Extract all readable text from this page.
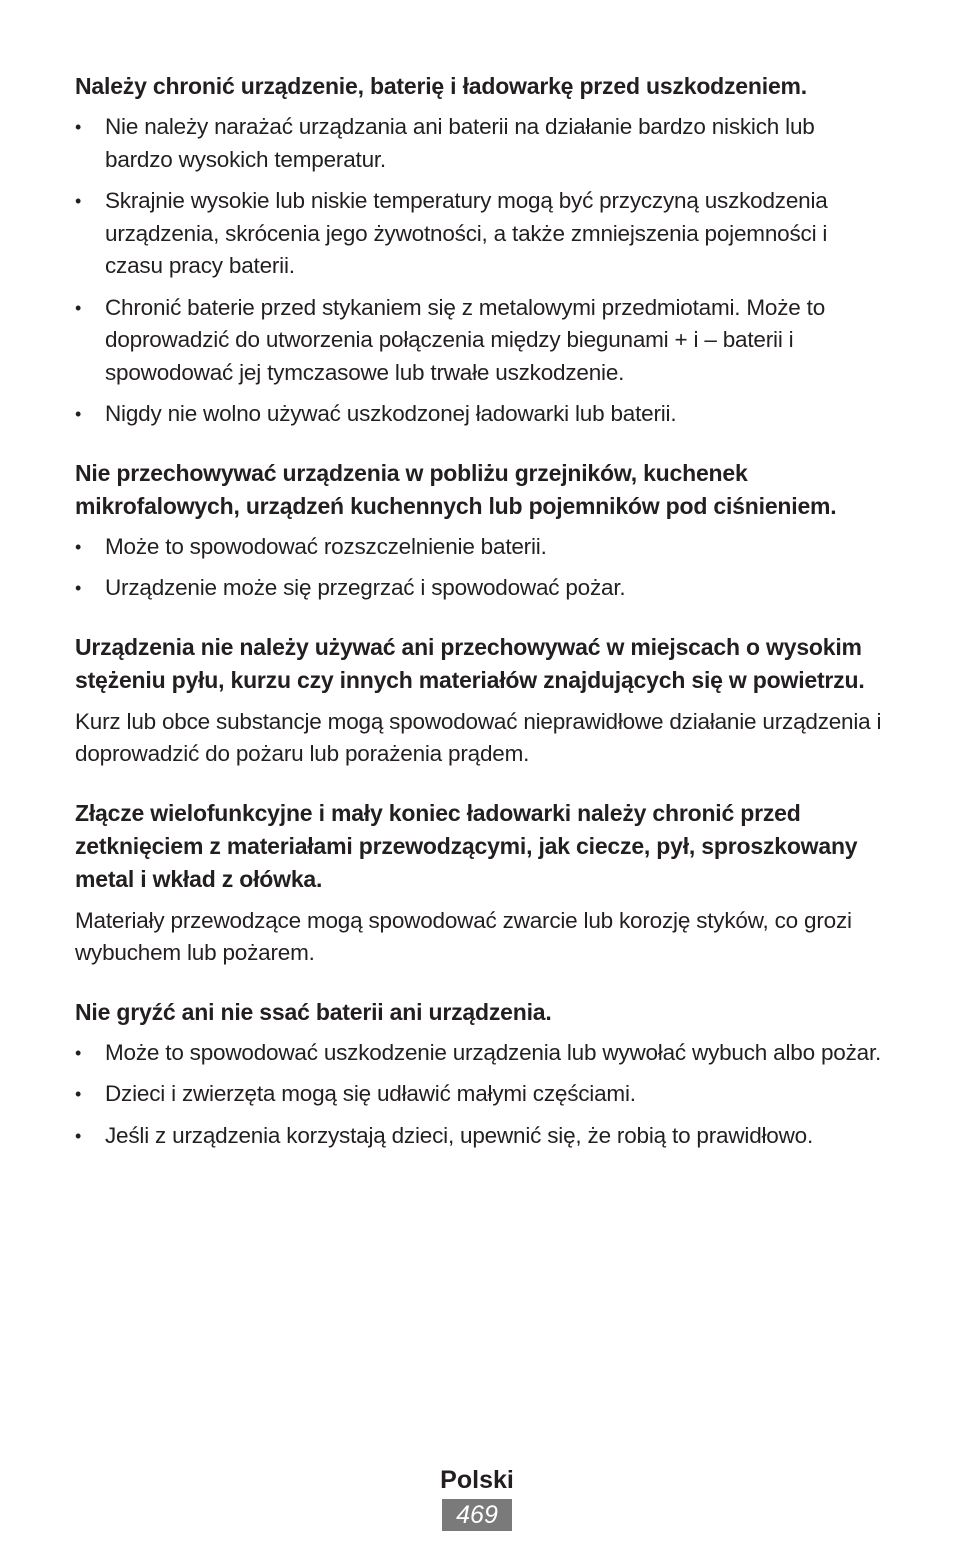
Należy chronić urządzenie, baterię i ładowarkę przed uszkodzeniem.

• Nie należy narażać urządzania ani baterii na działanie bardzo niskich lub bardzo wysokich temperatur.
• Skrajnie wysokie lub niskie temperatury mogą być przyczyną uszkodzenia urządzenia, skrócenia jego żywotności, a także zmniejszenia pojemności i czasu pracy baterii.
• Chronić baterie przed stykaniem się z metalowymi przedmiotami. Może to doprowadzić do utworzenia połączenia między biegunami + i – baterii i spowodować jej tymczasowe lub trwałe uszkodzenie.
• Nigdy nie wolno używać uszkodzonej ładowarki lub baterii.

Nie przechowywać urządzenia w pobliżu grzejników, kuchenek mikrofalowych, urządzeń kuchennych lub pojemników pod ciśnieniem.

• Może to spowodować rozszczelnienie baterii.
• Urządzenie może się przegrzać i spowodować pożar.

Urządzenia nie należy używać ani przechowywać w miejscach o wysokim stężeniu pyłu, kurzu czy innych materiałów znajdujących się w powietrzu.

Kurz lub obce substancje mogą spowodować nieprawidłowe działanie urządzenia i doprowadzić do pożaru lub porażenia prądem.

Złącze wielofunkcyjne i mały koniec ładowarki należy chronić przed zetknięciem z materiałami przewodzącymi, jak ciecze, pył, sproszkowany metal i wkład z ołówka.

Materiały przewodzące mogą spowodować zwarcie lub korozję styków, co grozi wybuchem lub pożarem.

Nie gryźć ani nie ssać baterii ani urządzenia.

• Może to spowodować uszkodzenie urządzenia lub wywołać wybuch albo pożar.
• Dzieci i zwierzęta mogą się udławić małymi częściami.
• Jeśli z urządzenia korzystają dzieci, upewnić się, że robią to prawidłowo.
Polski
469
